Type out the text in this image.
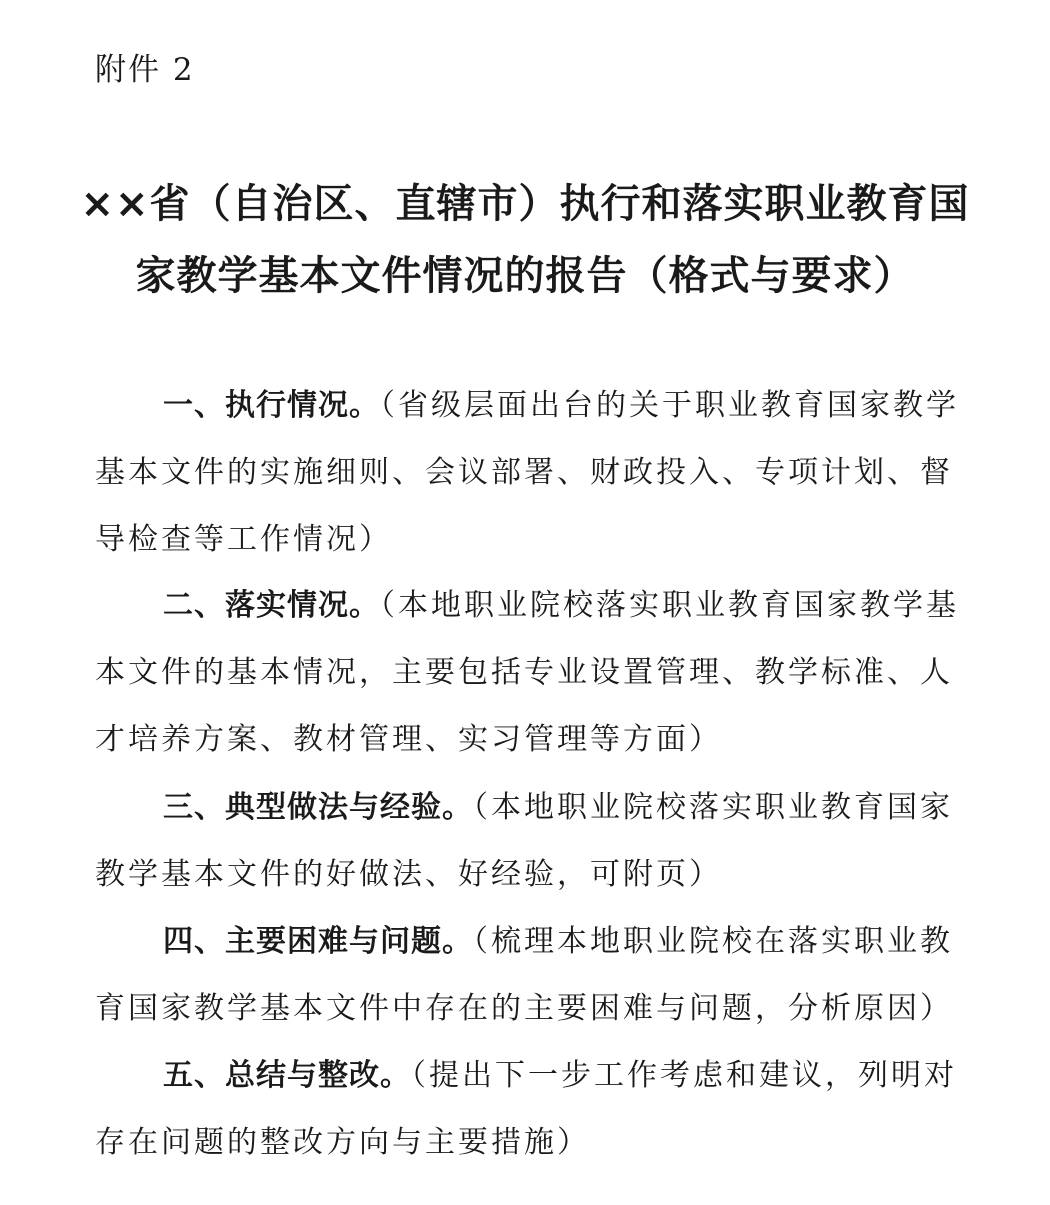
附件 2
××省（自治区、直辖市）执行和落实职业教育国
家教学基本文件情况的报告（格式与要求）

一、执行情况。（省级层面出台的关于职业教育国家教学基本文件的实施细则、会议部署、财政投入、专项计划、督导检查等工作情况）

二、落实情况。（本地职业院校落实职业教育国家教学基本文件的基本情况，主要包括专业设置管理、教学标准、人才培养方案、教材管理、实习管理等方面）

三、典型做法与经验。（本地职业院校落实职业教育国家教学基本文件的好做法、好经验，可附页）

四、主要困难与问题。（梳理本地职业院校在落实职业教育国家教学基本文件中存在的主要困难与问题，分析原因）

五、总结与整改。（提出下一步工作考虑和建议，列明对存在问题的整改方向与主要措施）
